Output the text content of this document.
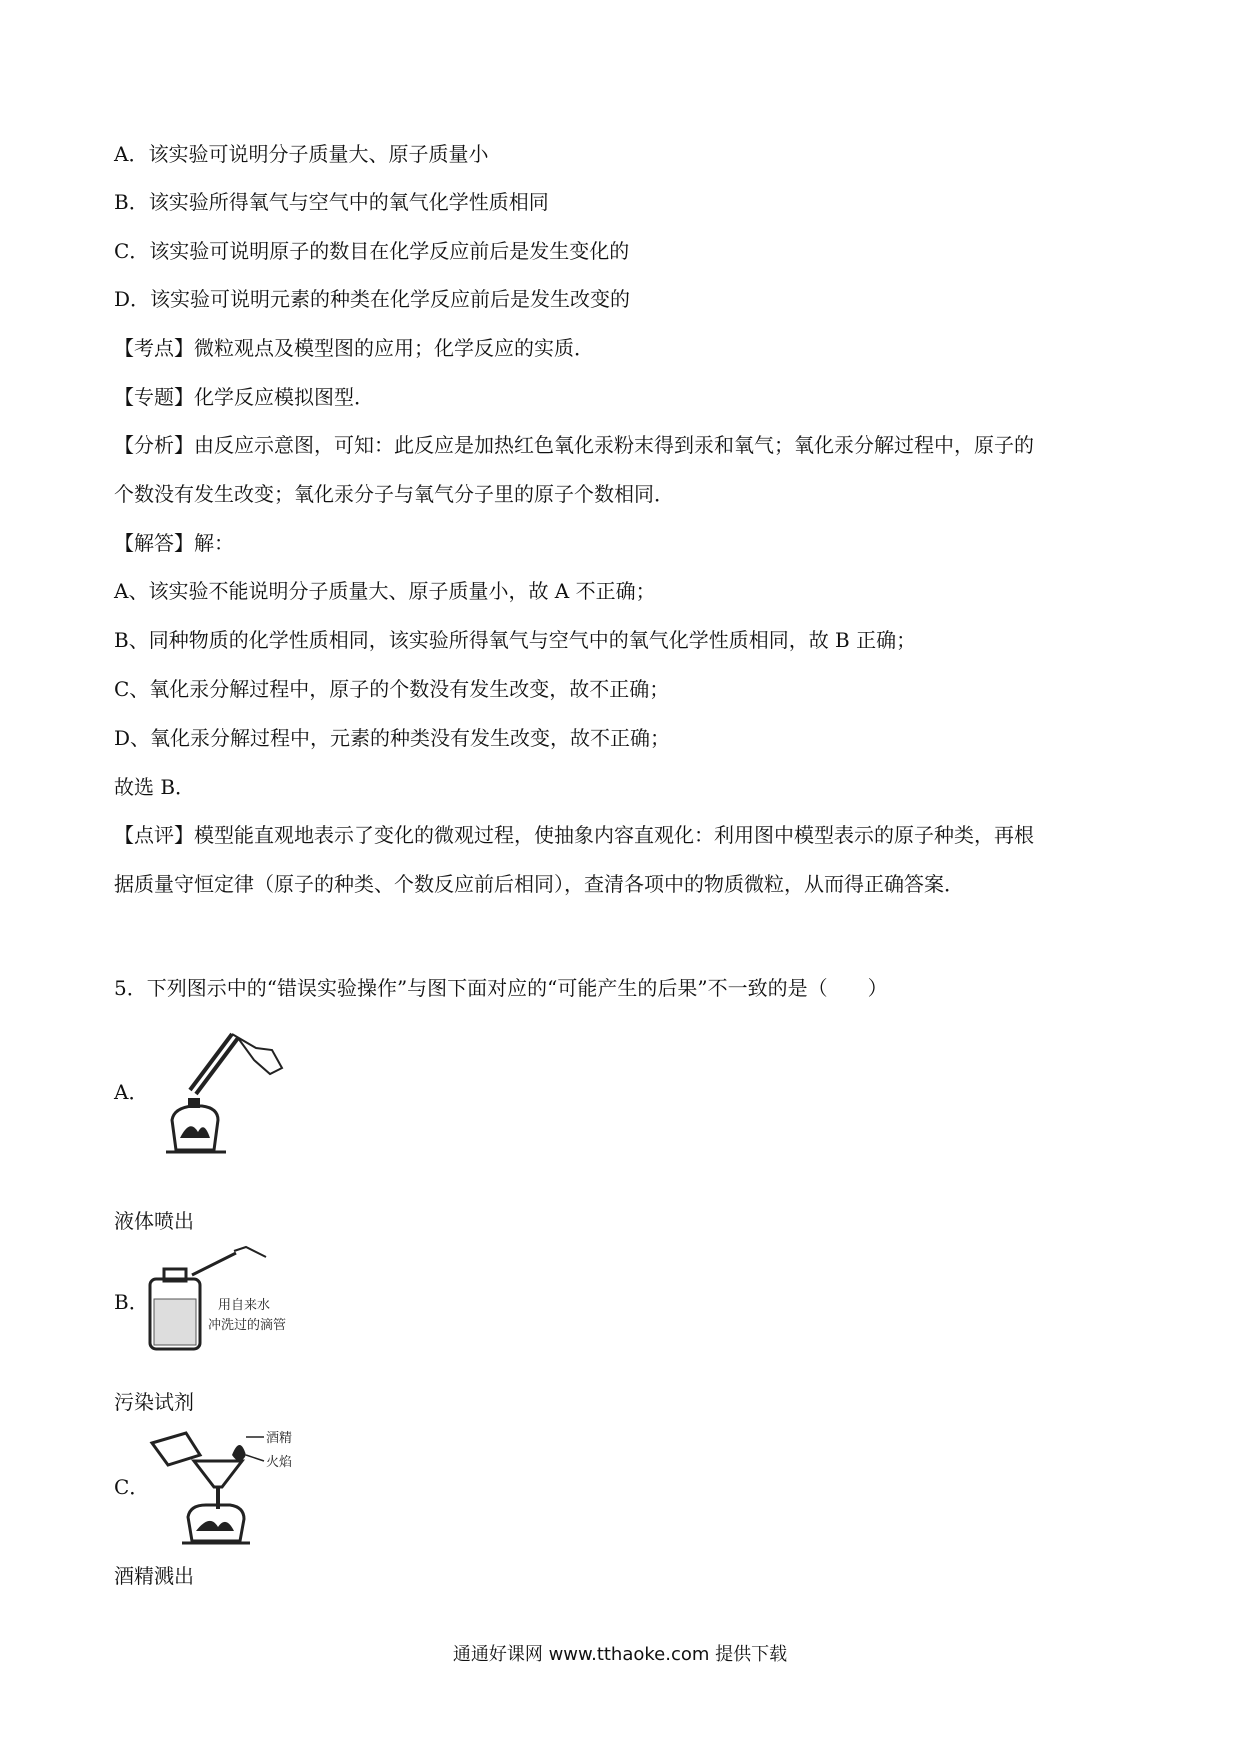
A．该实验可说明分子质量大、原子质量小
B．该实验所得氧气与空气中的氧气化学性质相同
C．该实验可说明原子的数目在化学反应前后是发生变化的
D．该实验可说明元素的种类在化学反应前后是发生改变的
【考点】微粒观点及模型图的应用；化学反应的实质．
【专题】化学反应模拟图型．
【分析】由反应示意图，可知：此反应是加热红色氧化汞粉末得到汞和氧气；氧化汞分解过程中，原子的
个数没有发生改变；氧化汞分子与氧气分子里的原子个数相同．
【解答】解：
A、该实验不能说明分子质量大、原子质量小，故 A 不正确；
B、同种物质的化学性质相同，该实验所得氧气与空气中的氧气化学性质相同，故 B 正确；
C、氧化汞分解过程中，原子的个数没有发生改变，故不正确；
D、氧化汞分解过程中，元素的种类没有发生改变，故不正确；
故选 B．
【点评】模型能直观地表示了变化的微观过程，使抽象内容直观化：利用图中模型表示的原子种类，再根
据质量守恒定律（原子的种类、个数反应前后相同），查清各项中的物质微粒，从而得正确答案．
5．下列图示中的“错误实验操作”与图下面对应的“可能产生的后果”不一致的是（　　）
A．
液体喷出
B．	用自来水
冲洗过的滴管
污染试剂
C．
酒精
火焰
酒精溅出
通通好课网 www.tthaoke.com 提供下载
